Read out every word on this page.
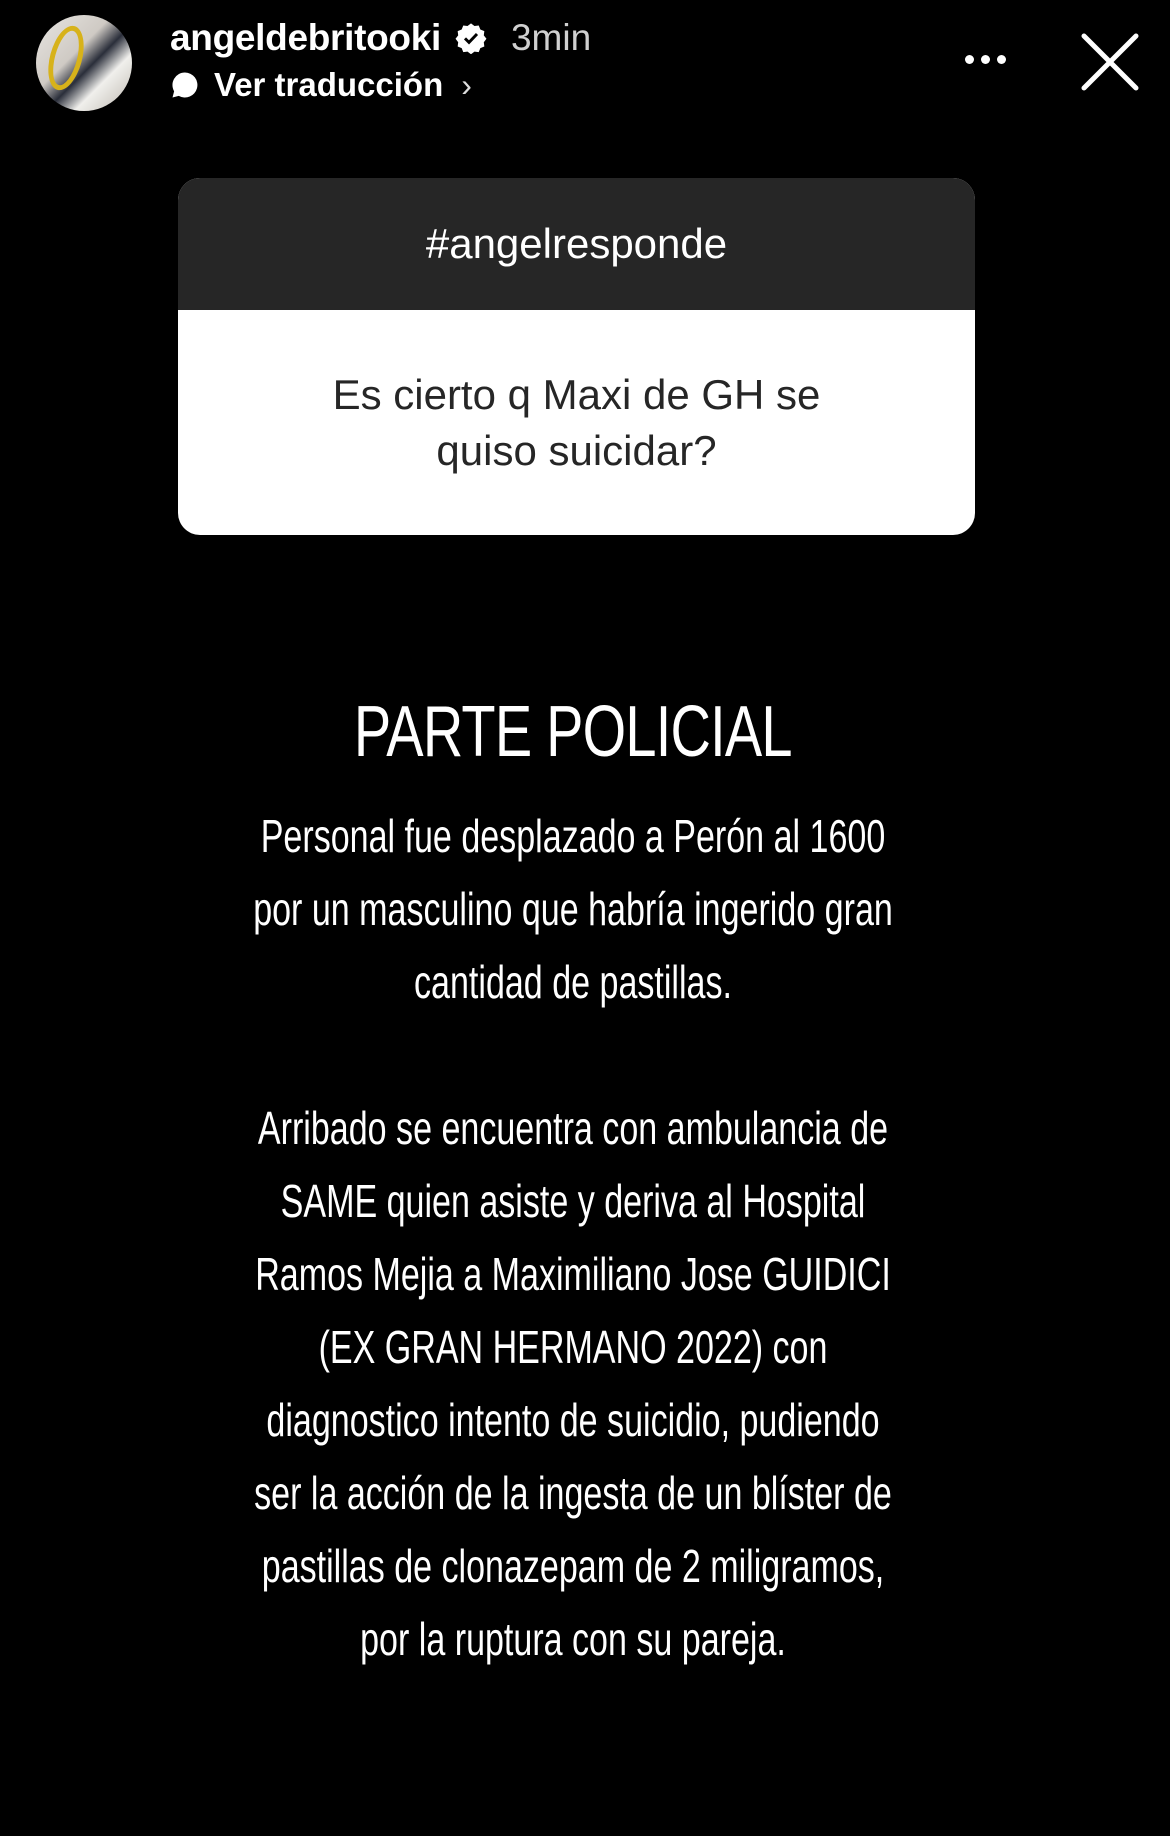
angeldebritooki 3min
Ver traducción ›
#angelresponde
Es cierto q Maxi de GH se quiso suicidar?
PARTE POLICIAL
Personal fue desplazado a Perón al 1600 por un masculino que habría ingerido gran cantidad de pastillas.
Arribado se encuentra con ambulancia de SAME quien asiste y deriva al Hospital Ramos Mejia a Maximiliano Jose GUIDICI (EX GRAN HERMANO 2022) con diagnostico intento de suicidio, pudiendo ser la acción de la ingesta de un blíster de pastillas de clonazepam de 2 miligramos, por la ruptura con su pareja.
